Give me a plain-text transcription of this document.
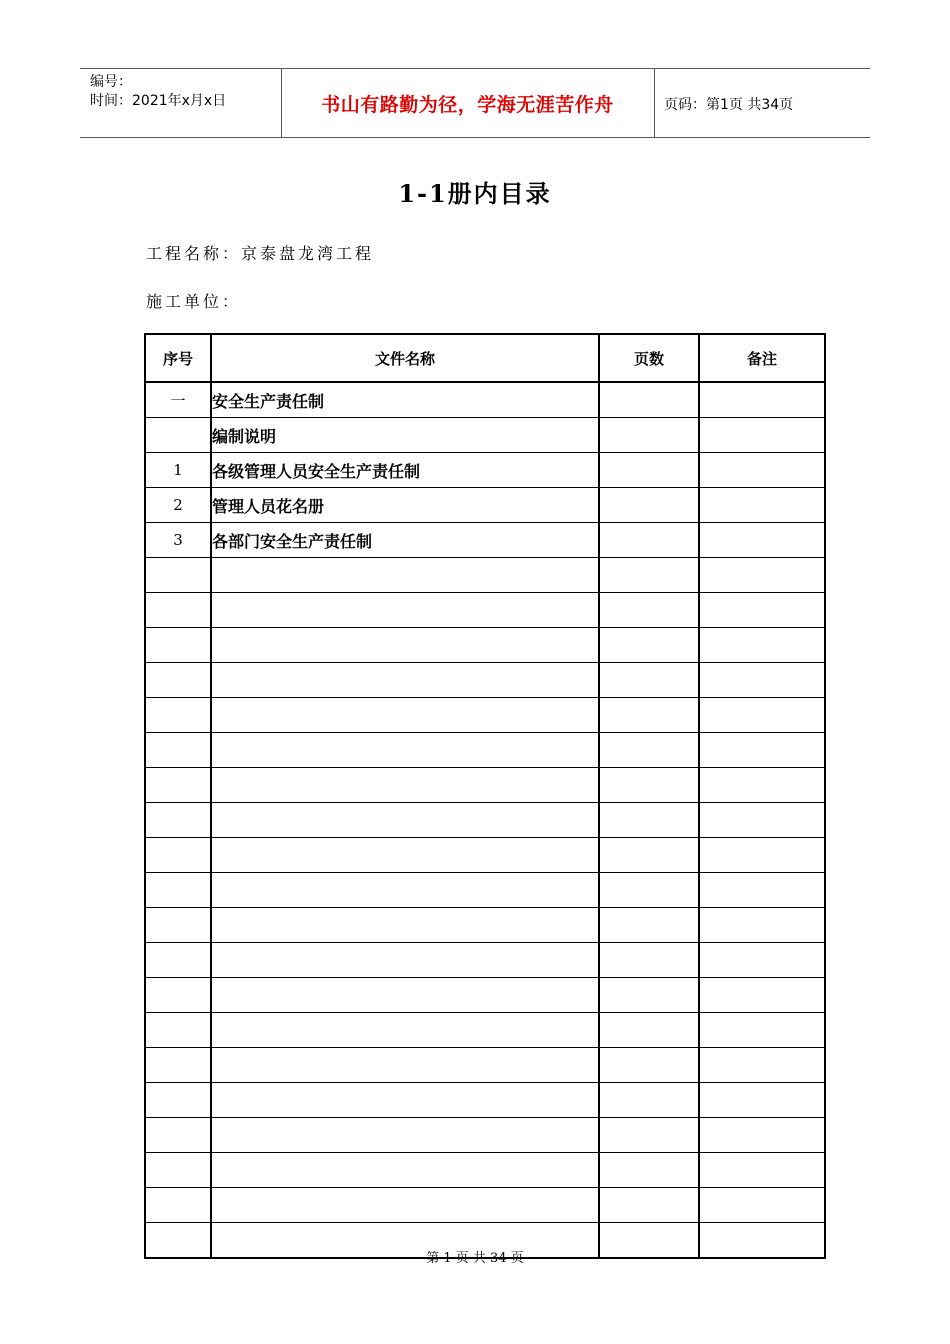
编号：
时间：2021年x月x日	书山有路勤为径，学海无涯苦作舟	页码：第1页 共34页
1-1册内目录
工程名称：京泰盘龙湾工程
施工单位：
序号	文件名称	页数	备注
一	安全生产责任制		
	编制说明		
1	各级管理人员安全生产责任制		
2	管理人员花名册		
3	各部门安全生产责任制		

第 1 页 共 34 页
